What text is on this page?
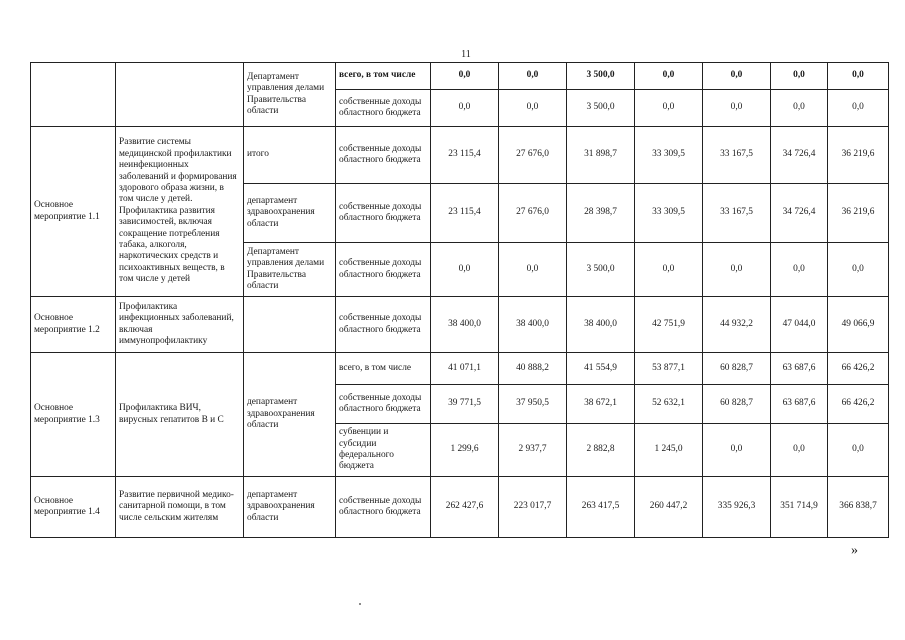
11
		Департамент управления делами Правительства области	всего, в том числе	0,0	0,0	3 500,0	0,0	0,0	0,0	0,0
			собственные доходы областного бюджета	0,0	0,0	3 500,0	0,0	0,0	0,0	0,0
Основное мероприятие 1.1	Развитие системы медицинской профилактики неинфекционных заболеваний и формирования здорового образа жизни, в том числе у детей. Профилактика развития зависимостей, включая сокращение потребления табака, алкоголя, наркотических средств и психоактивных веществ, в том числе у детей	итого	собственные доходы областного бюджета	23 115,4	27 676,0	31 898,7	33 309,5	33 167,5	34 726,4	36 219,6
		департамент здравоохранения области	собственные доходы областного бюджета	23 115,4	27 676,0	28 398,7	33 309,5	33 167,5	34 726,4	36 219,6
		Департамент управления делами Правительства области	собственные доходы областного бюджета	0,0	0,0	3 500,0	0,0	0,0	0,0	0,0
Основное мероприятие 1.2	Профилактика инфекционных заболеваний, включая иммунопрофилактику		собственные доходы областного бюджета	38 400,0	38 400,0	38 400,0	42 751,9	44 932,2	47 044,0	49 066,9
Основное мероприятие 1.3	Профилактика ВИЧ, вирусных гепатитов В и С	департамент здравоохранения области	всего, в том числе	41 071,1	40 888,2	41 554,9	53 877,1	60 828,7	63 687,6	66 426,2
			собственные доходы областного бюджета	39 771,5	37 950,5	38 672,1	52 632,1	60 828,7	63 687,6	66 426,2
			субвенции и субсидии федерального бюджета	1 299,6	2 937,7	2 882,8	1 245,0	0,0	0,0	0,0
Основное мероприятие 1.4	Развитие первичной медико-санитарной помощи, в том числе сельским жителям	департамент здравоохранения области	собственные доходы областного бюджета	262 427,6	223 017,7	263 417,5	260 447,2	335 926,3	351 714,9	366 838,7
»
